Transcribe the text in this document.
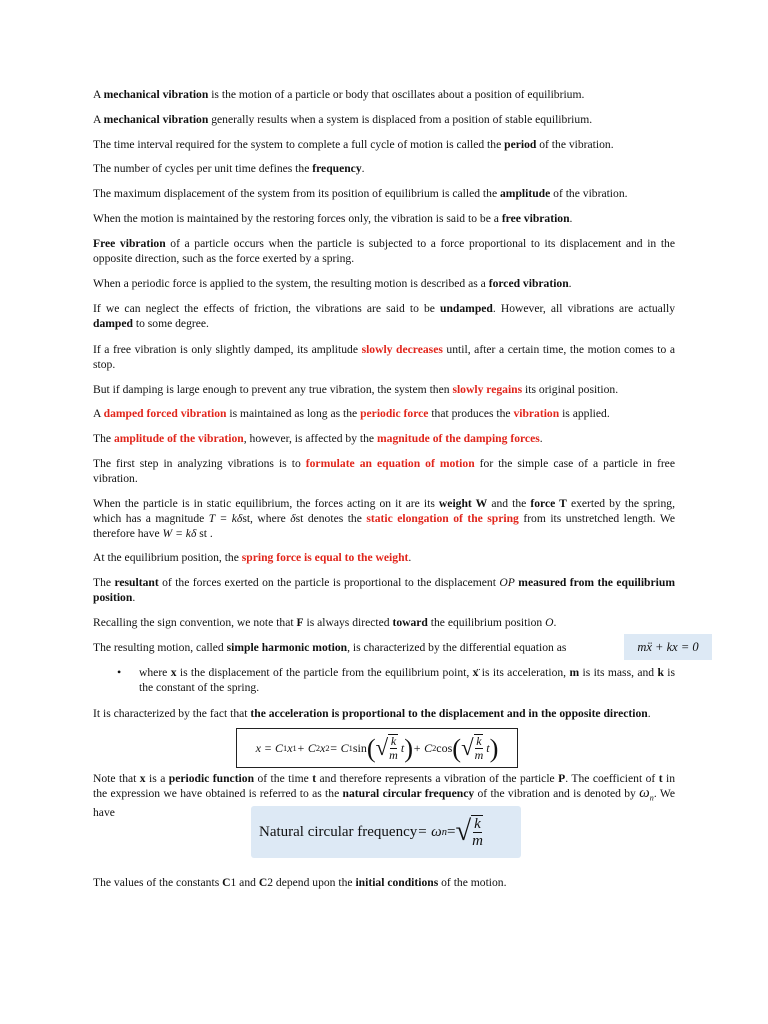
A mechanical vibration is the motion of a particle or body that oscillates about a position of equilibrium.

A mechanical vibration generally results when a system is displaced from a position of stable equilibrium.

The time interval required for the system to complete a full cycle of motion is called the period of the vibration.

The number of cycles per unit time defines the frequency.

The maximum displacement of the system from its position of equilibrium is called the amplitude of the vibration.

When the motion is maintained by the restoring forces only, the vibration is said to be a free vibration.

Free vibration of a particle occurs when the particle is subjected to a force proportional to its displacement and in the opposite direction, such as the force exerted by a spring.

When a periodic force is applied to the system, the resulting motion is described as a forced vibration.

If we can neglect the effects of friction, the vibrations are said to be undamped. However, all vibrations are actually damped to some degree.

If a free vibration is only slightly damped, its amplitude slowly decreases until, after a certain time, the motion comes to a stop.

But if damping is large enough to prevent any true vibration, the system then slowly regains its original position.

A damped forced vibration is maintained as long as the periodic force that produces the vibration is applied.

The amplitude of the vibration, however, is affected by the magnitude of the damping forces.

The first step in analyzing vibrations is to formulate an equation of motion for the simple case of a particle in free vibration.

When the particle is in static equilibrium, the forces acting on it are its weight W and the force T exerted by the spring, which has a magnitude T = kδst, where δst denotes the static elongation of the spring from its unstretched length. We therefore have W = kδ st .

At the equilibrium position, the spring force is equal to the weight.

The resultant of the forces exerted on the particle is proportional to the displacement OP measured from the equilibrium position.

Recalling the sign convention, we note that F is always directed toward the equilibrium position O.

The resulting motion, called simple harmonic motion, is characterized by the differential equation as	mẍ + kx = 0
• where x is the displacement of the particle from the equilibrium point, ẍ is its acceleration, m is its mass, and k is the constant of the spring.

It is characterized by the fact that the acceleration is proportional to the displacement and in the opposite direction.

x = C 1 x 1 + C 2 x 2 = C 1 sin ( √ $\frac{k}{m}$
t ) + C 2 cos ( √ $\frac{k}{m}$
t )

Note that x is a periodic function of the time t and therefore represents a vibration of the particle P. The coefficient of t in the expression we have obtained is referred to as the natural circular frequency of the vibration and is denoted by $\omega_n$. We have

Natural circular frequency = ω n = √ $\frac{k}{m}$

The values of the constants C1 and C2 depend upon the initial conditions of the motion.
